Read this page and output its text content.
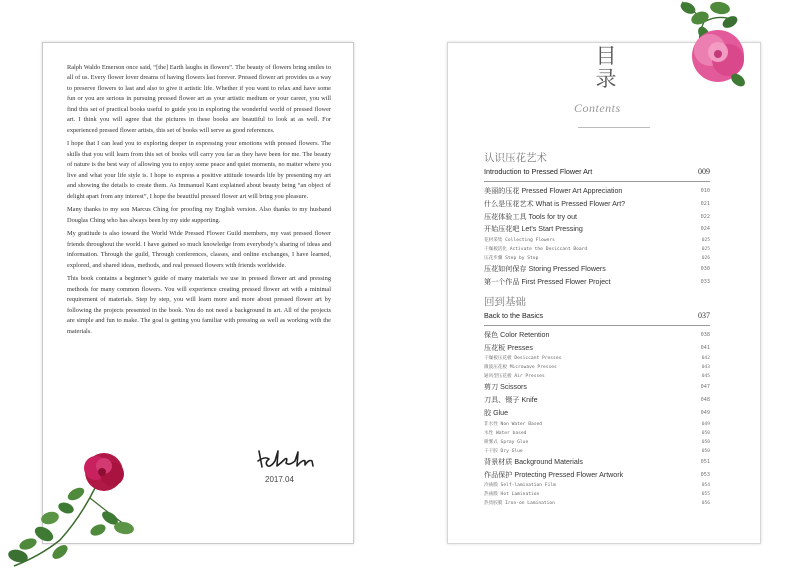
Ralph Waldo Emerson once said, “[the] Earth laughs in flowers”. The beauty of flowers bring smiles to all of us. Every flower lover dreams of having flowers last forever. Pressed flower art provides us a way to preserve flowers to last and also to give it artistic life. Whether if you want to relax and have some fun or you are serious in pursuing pressed flower art as your artistic medium or your career, you will find this set of practical books useful to guide you in exploring the wonderful world of pressed flower art. I think you will agree that the pictures in these books are beautiful to look at as well. For experienced pressed flower artists, this set of books will serve as good references.

I hope that I can lead you to exploring deeper in expressing your emotions with pressed flowers. The skills that you will learn from this set of books will carry you far as they have been for me. The beauty of nature is the best way of allowing you to enjoy some peace and quiet moments, no matter where you live and what your life style is. I hope to express a positive attitude towards life by presenting my art and showing the details to create them. As Immanuel Kant explained about beauty being “an object of delight apart from any interest”, I hope the beautiful pressed flower art will bring you pleasure.

Many thanks to my son Marcus Ching for proofing my English version. Also thanks to my husband Douglas Ching who has always been by my side supporting.

My gratitude is also toward the World Wide Pressed Flower Guild members, my vast pressed flower friends throughout the world. I have gained so much knowledge from everybody’s sharing of ideas and information. Through the guild, Through conferences, classes, and online exchanges, I have learned, explored, and shared ideas, methods, and real pressed flowers with friends worldwide.

This book contains a beginner’s guide of many materials we use in pressed flower art and pressing methods for many common flowers. You will experience creating pressed flower art with a minimal requirement of materials. Step by step, you will learn more and more about pressed flower art by following the projects presented in the book. You do not need a background in art. All of the projects are simple and fun to make. The goal is getting you familiar with pressing as well as working with the materials.

2017.04
目
录
Contents
认识压花艺术
Introduction to Pressed Flower Art	009
美丽的压花 Pressed Flower Art Appreciation	010
什么是压花艺术 What is Pressed Flower Art?	021
压花体验工具 Tools for try out	022
开始压花吧 Let’s Start Pressing	024
花材采集 Collecting Flowers	025
干燥板活化 Activate the Desiccant Board	025
压花步骤 Step by Step	026
压花如何保存 Storing Pressed Flowers	030
第一个作品 First Pressed Flower Project	033
回到基础
Back to the Basics	037
保色 Color Retention	038
压花板 Presses	041
干燥板压花板 Desiccant Presses	042
微波压花板 Microwave Presses	043
通风型压花板 Air Presses	045
剪刀 Scissors	047
刀具、镊子 Knife	048
胶 Glue	049
非水性 Non Water Based	049
水性 Water based	050
喷雾式 Spray Glue	050
干干胶 Dry Glue	050
背景材质 Background Materials	051
作品保护 Protecting Pressed Flower Artwork	053
冷裱膜 Self-lamination Film	054
热裱膜 Hot Lamination	055
热烫胶膜 Iron-on Lamination	056
